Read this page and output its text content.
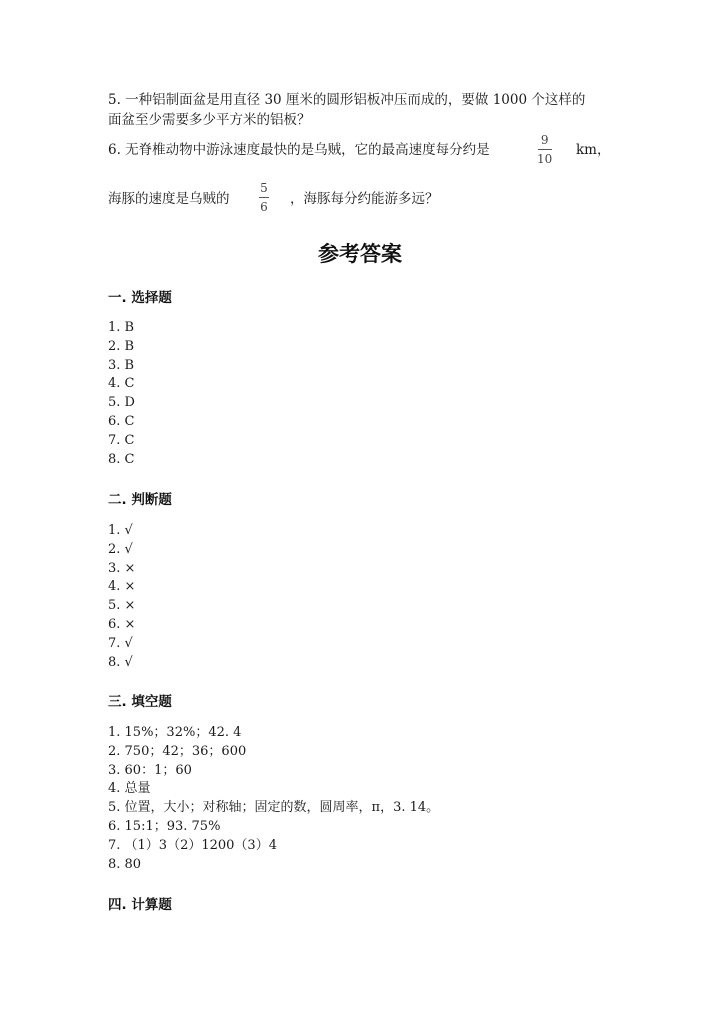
5. 一种铝制面盆是用直径 30 厘米的圆形铝板冲压而成的，要做 1000 个这样的
面盆至少需要多少平方米的铝板？
6. 无脊椎动物中游泳速度最快的是乌贼，它的最高速度每分约是
9
10
km，
海豚的速度是乌贼的
5
6 ，海豚每分约能游多远？
参考答案
一. 选择题
1. B
2. B
3. B
4. C
5. D
6. C
7. C
8. C
二. 判断题
1. √
2. √
3. ×
4. ×
5. ×
6. ×
7. √
8. √
三. 填空题
1. 15%；32%；42. 4
2. 750；42；36；600
3. 60：1；60
4. 总量
5. 位置，大小；对称轴；固定的数，圆周率，π，3. 14。
6. 15:1；93. 75%
7. （1）3（2）1200（3）4
8. 80
四. 计算题
